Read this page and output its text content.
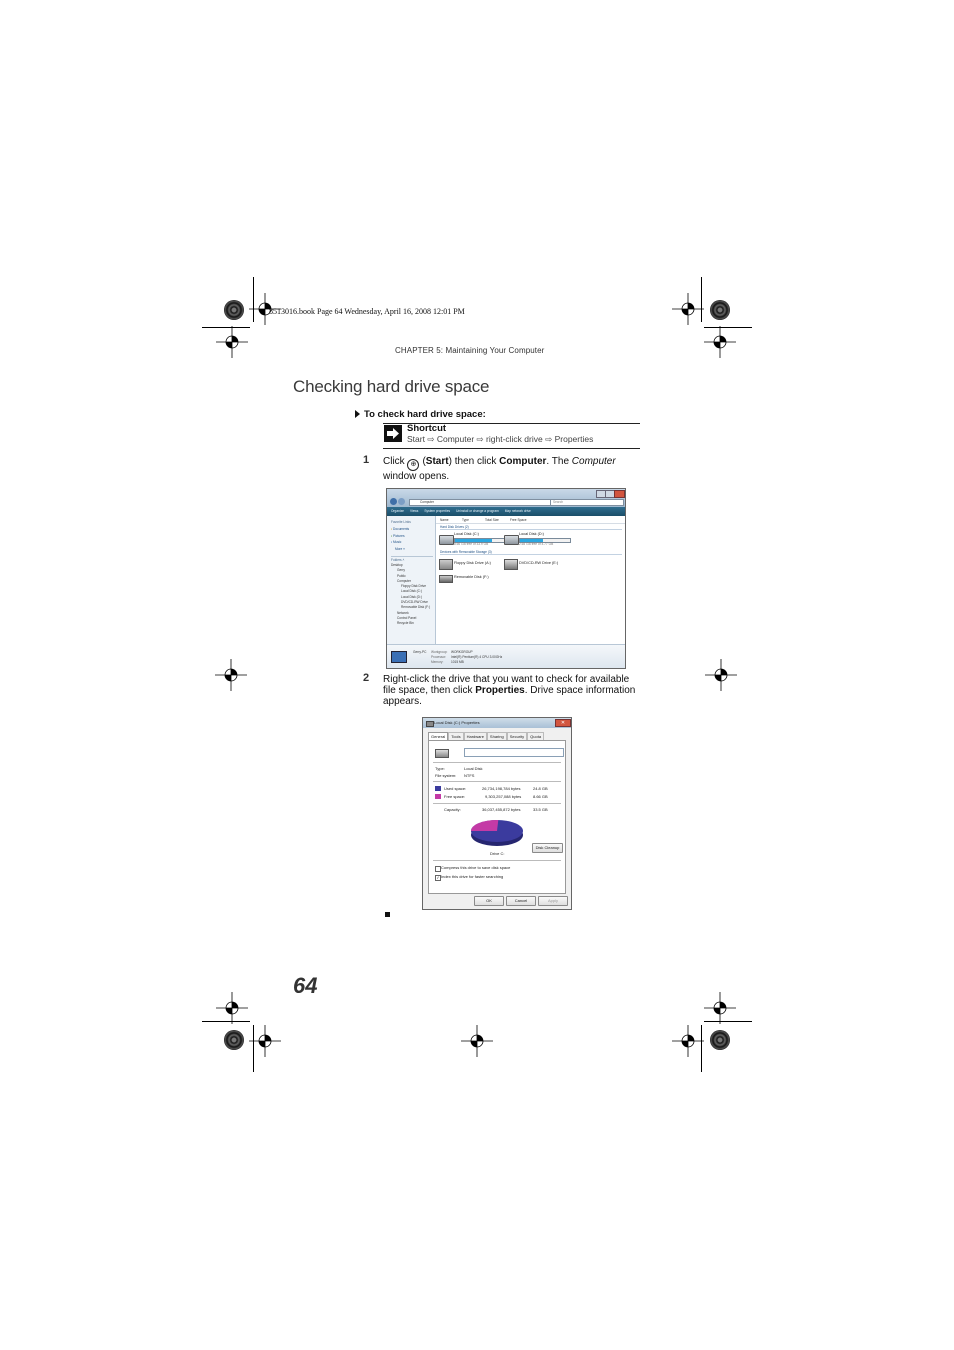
8513016.book Page 64 Wednesday, April 16, 2008 12:01 PM
CHAPTER 5: Maintaining Your Computer
Checking hard drive space
To check hard drive space:
Shortcut
Start ⇨ Computer ⇨ right-click drive ⇨ Properties
1 Click ⊕ (Start) then click Computer. The Computer window opens.
Computer	Search
Organize Views System properties Uninstall or change a program Map network drive
Favorite Links
▪ Documents
▪ Pictures
▪ Music
More »
Folders ˄
Desktop
Gerry
Public
Computer
Floppy Disk Drive
Local Disk (C:)
Local Disk (D:)
DVD/CD-RW Drive
Removable Disk (F:)
Network
Control Panel
Recycle Bin
Name	Type	Total Size	Free Space
Hard Disk Drives (2)
Local Disk (C:)
8.66 GB free of 33.9 GB
Local Disk (D:)
2.65 GB free of 4.77 GB
Devices with Removable Storage (3)
Floppy Disk Drive (A:)	DVD/CD-RW Drive (E:)
Removable Disk (F:)
Gerry-PC Workgroup: WORKGROUP
Processor: Intel(R) Pentium(R) 4 CPU 3.00GHz
Memory: 1015 MB
2 Right-click the drive that you want to check for available file space, then click Properties. Drive space information appears.
Local Disk (C:) Properties	✕
General	Tools	Hardware	Sharing	Security	Quota
Type:	Local Disk
File system: NTFS
Used space:	26,734,198,784 bytes	24.8 GB
Free space:	9,303,257,088 bytes	8.66 GB
Capacity:	36,037,455,872 bytes	33.5 GB
Drive C:
Disk Cleanup
Compress this drive to save disk space
✓ Index this drive for faster searching
OK	Cancel	Apply
64
